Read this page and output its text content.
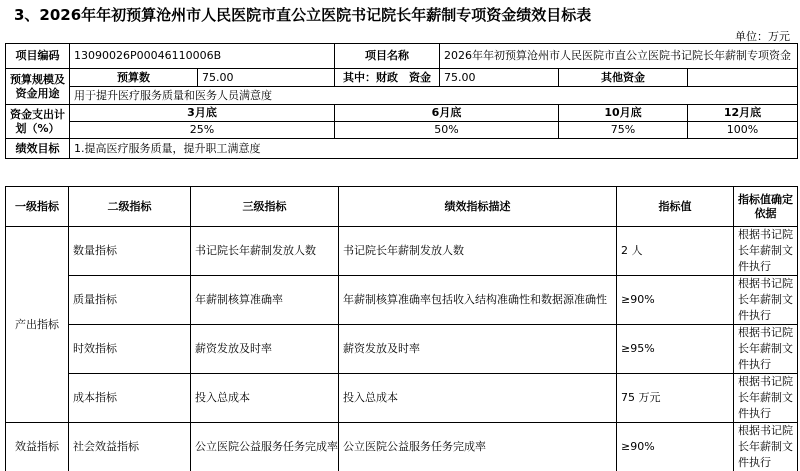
3、2026年年初预算沧州市人民医院市直公立医院书记院长年薪制专项资金绩效目标表
单位：万元
项目编码	13090026P00046110006B		项目名称	2026年年初预算沧州市人民医院市直公立医院书记院长年薪制专项资金		
预算规模及资金用途	预算数	75.00	其中：财政　资金	75.00	其他资金	
	用于提升医疗服务质量和医务人员满意度					
资金支出计划（%）	3月底		6月底		10月底	12月底
	25%		50%		75%	100%
绩效目标	1.提高医疗服务质量，提升职工满意度					
一级指标	二级指标	三级指标	绩效指标描述	指标值	指标值确定依据
产出指标	数量指标	书记院长年薪制发放人数	书记院长年薪制发放人数	2 人	根据书记院长年薪制文件执行
	质量指标	年薪制核算准确率	年薪制核算准确率包括收入结构准确性和数据源准确性	≥90%	根据书记院长年薪制文件执行
	时效指标	薪资发放及时率	薪资发放及时率	≥95%	根据书记院长年薪制文件执行
	成本指标	投入总成本	投入总成本	75 万元	根据书记院长年薪制文件执行
效益指标	社会效益指标	公立医院公益服务任务完成率	公立医院公益服务任务完成率	≥90%	根据书记院长年薪制文件执行
